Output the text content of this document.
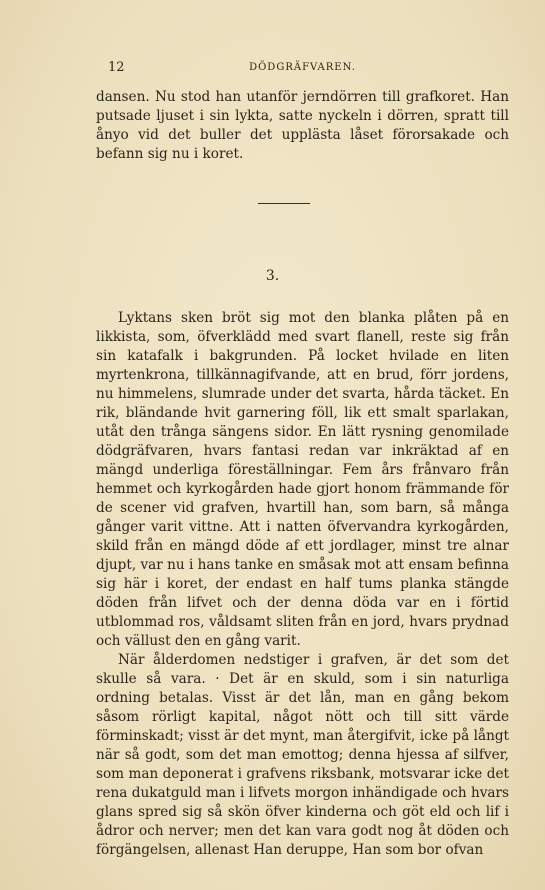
12	DÖDGRÄFVAREN.

dansen. Nu stod han utanför jerndörren till grafkoret. Han putsade ljuset i sin lykta, satte nyckeln i dörren, spratt till ånyo vid det buller det upplästa låset förorsakade och befann sig nu i koret.

3.

Lyktans sken bröt sig mot den blanka plåten på en likkista, som, öfverklädd med svart flanell, reste sig från sin katafalk i bakgrunden. På locket hvilade en liten myrtenkrona, tillkännagifvande, att en brud, förr jordens, nu himmelens, slumrade under det svarta, hårda täcket. En rik, bländande hvit garnering föll, lik ett smalt sparlakan, utåt den trånga sängens sidor. En lätt rysning genomilade dödgräfvaren, hvars fantasi redan var inkräktad af en mängd underliga föreställningar. Fem års frånvaro från hemmet och kyrkogården hade gjort honom främmande för de scener vid grafven, hvartill han, som barn, så många gånger varit vittne. Att i natten öfvervandra kyrkogården, skild från en mängd döde af ett jordlager, minst tre alnar djupt, var nu i hans tanke en småsak mot att ensam befinna sig här i koret, der endast en half tums planka stängde döden från lifvet och der denna döda var en i förtid utblommad ros, våldsamt sliten från en jord, hvars prydnad och vällust den en gång varit.

När ålderdomen nedstiger i grafven, är det som det skulle så vara. · Det är en skuld, som i sin naturliga ordning betalas. Visst är det lån, man en gång bekom såsom rörligt kapital, något nött och till sitt värde förminskadt; visst är det mynt, man återgifvit, icke på långt när så godt, som det man emottog; denna hjessa af silfver, som man deponerat i grafvens riksbank, motsvarar icke det rena dukatguld man i lifvets morgon inhändigade och hvars glans spred sig så skön öfver kinderna och göt eld och lif i ådror och nerver; men det kan vara godt nog åt döden och förgängelsen, allenast Han deruppe, Han som bor ofvan
